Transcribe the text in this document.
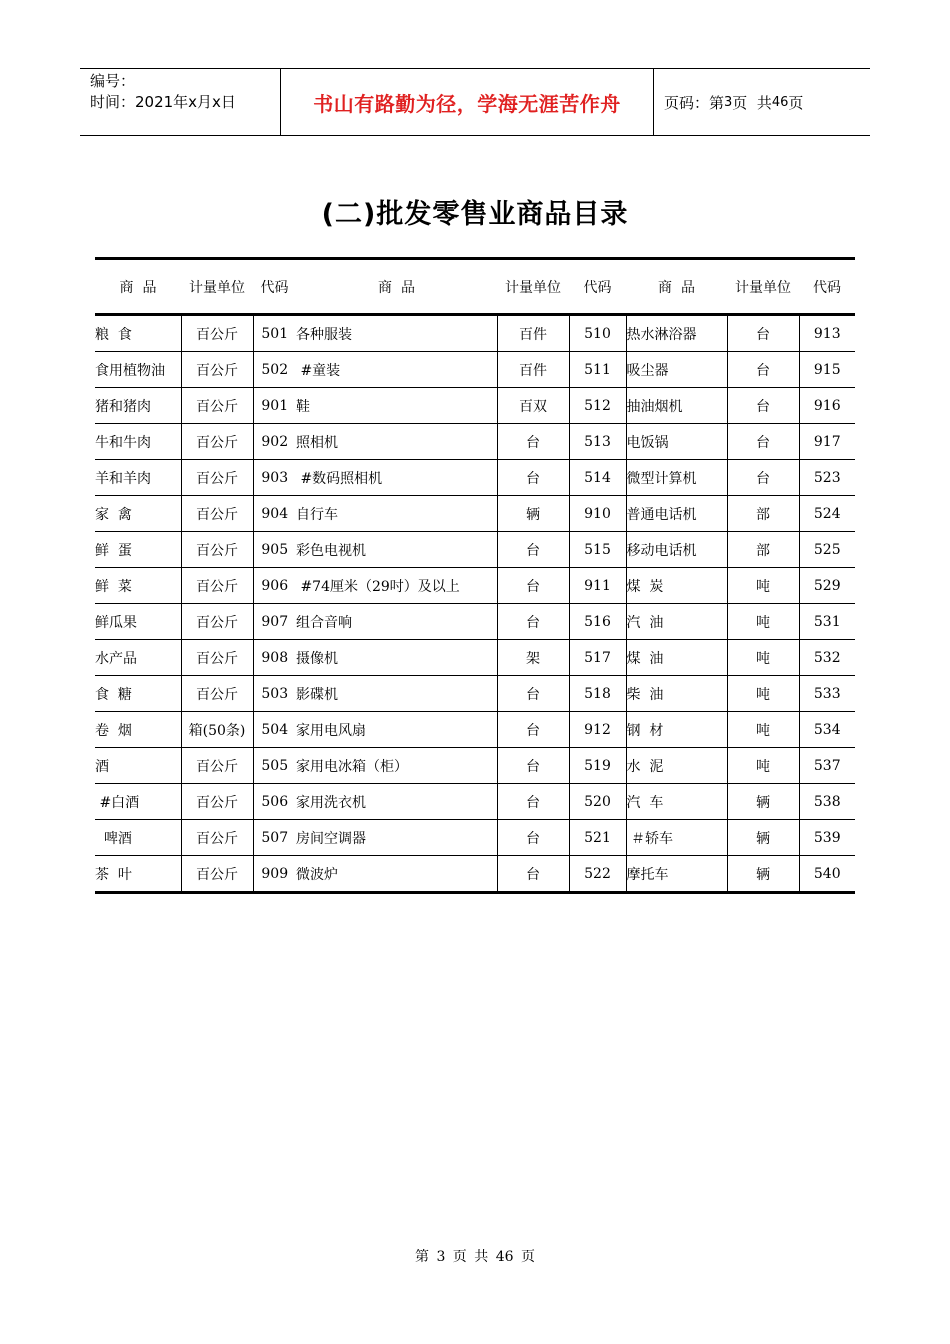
编号：
时间：2021年x月x日	书山有路勤为径，学海无涯苦作舟	页码：第 3 页  共 46 页
(二)批发零售业商品目录
商  品	计量单位	代码	商  品	计量单位	代码	商  品	计量单位	代码
粮  食	百公斤	501	各种服装	百件	510	热水淋浴器	台	913
食用植物油	百公斤	502	#童装	百件	511	吸尘器	台	915
猪和猪肉	百公斤	901	鞋	百双	512	抽油烟机	台	916
牛和牛肉	百公斤	902	照相机	台	513	电饭锅	台	917
羊和羊肉	百公斤	903	#数码照相机	台	514	微型计算机	台	523
家  禽	百公斤	904	自行车	辆	910	普通电话机	部	524
鲜  蛋	百公斤	905	彩色电视机	台	515	移动电话机	部	525
鲜  菜	百公斤	906	#74厘米（29吋）及以上	台	911	煤  炭	吨	529
鲜瓜果	百公斤	907	组合音响	台	516	汽  油	吨	531
水产品	百公斤	908	摄像机	架	517	煤  油	吨	532
食  糖	百公斤	503	影碟机	台	518	柴  油	吨	533
卷  烟	箱(50条)	504	家用电风扇	台	912	钢  材	吨	534
酒	百公斤	505	家用电冰箱（柜）	台	519	水  泥	吨	537
#白酒	百公斤	506	家用洗衣机	台	520	汽  车	辆	538
啤酒	百公斤	507	房间空调器	台	521	＃轿车	辆	539
茶  叶	百公斤	909	微波炉	台	522	摩托车	辆	540
第 3 页 共 46 页
